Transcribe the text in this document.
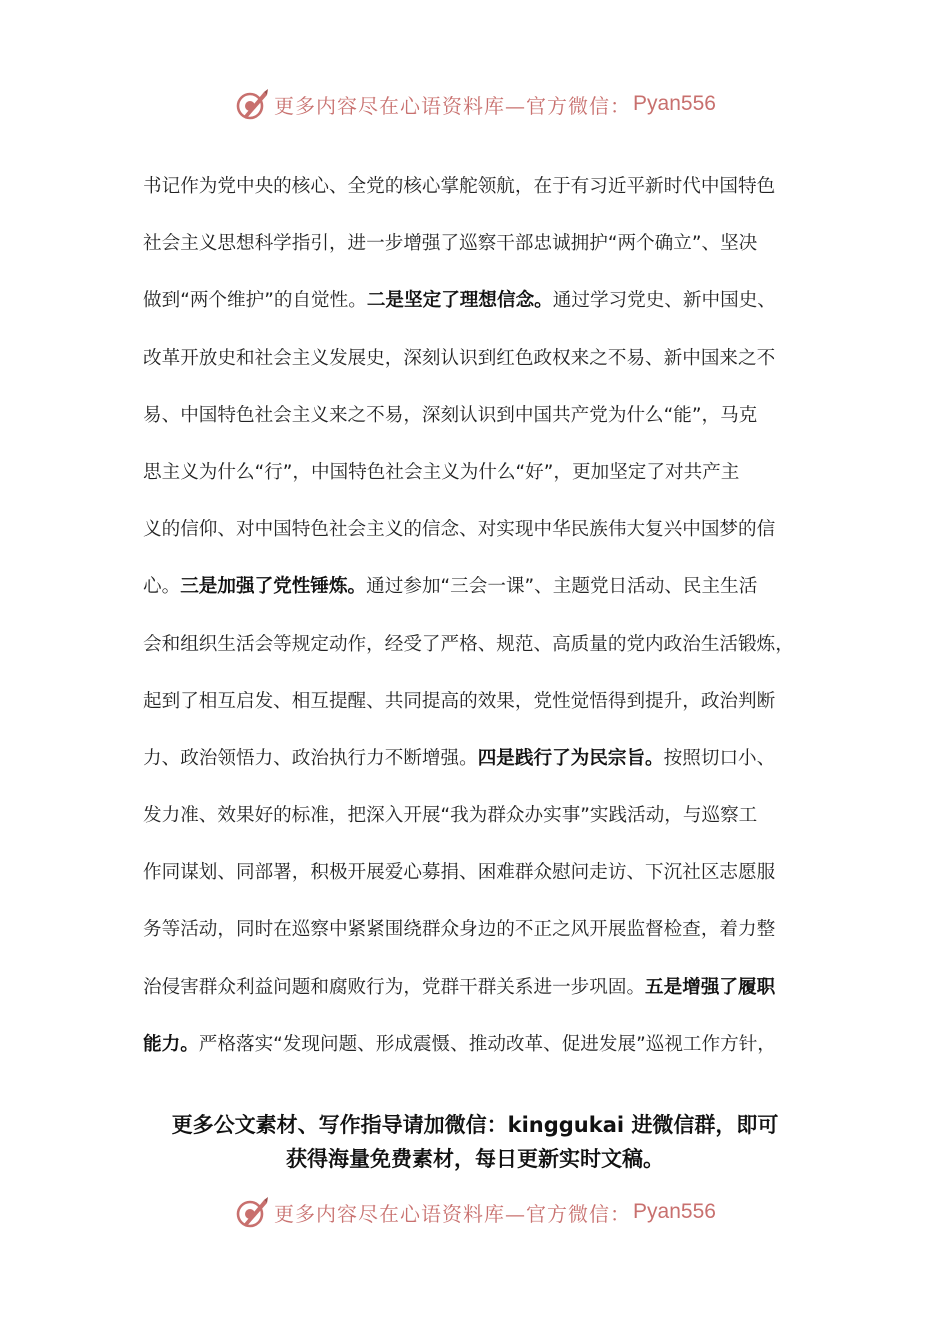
更多内容尽在心语资料库—官方微信： Pyan556
书记作为党中央的核心、全党的核心掌舵领航，在于有习近平新时代中国特色
社会主义思想科学指引，进一步增强了巡察干部忠诚拥护“两个确立”、坚决
做到“两个维护”的自觉性。二是坚定了理想信念。通过学习党史、新中国史、
改革开放史和社会主义发展史，深刻认识到红色政权来之不易、新中国来之不
易、中国特色社会主义来之不易，深刻认识到中国共产党为什么“能”，马克
思主义为什么“行”，中国特色社会主义为什么“好”，更加坚定了对共产主
义的信仰、对中国特色社会主义的信念、对实现中华民族伟大复兴中国梦的信
心。三是加强了党性锤炼。通过参加“三会一课”、主题党日活动、民主生活
会和组织生活会等规定动作，经受了严格、规范、高质量的党内政治生活锻炼，
起到了相互启发、相互提醒、共同提高的效果，党性觉悟得到提升，政治判断
力、政治领悟力、政治执行力不断增强。四是践行了为民宗旨。按照切口小、
发力准、效果好的标准，把深入开展“我为群众办实事”实践活动，与巡察工
作同谋划、同部署，积极开展爱心募捐、困难群众慰问走访、下沉社区志愿服
务等活动，同时在巡察中紧紧围绕群众身边的不正之风开展监督检查，着力整
治侵害群众利益问题和腐败行为，党群干群关系进一步巩固。五是增强了履职
能力。严格落实“发现问题、形成震慑、推动改革、促进发展”巡视工作方针，
更多公文素材、写作指导请加微信：kinggukai 进微信群，即可
获得海量免费素材，每日更新实时文稿。
更多内容尽在心语资料库—官方微信： Pyan556
